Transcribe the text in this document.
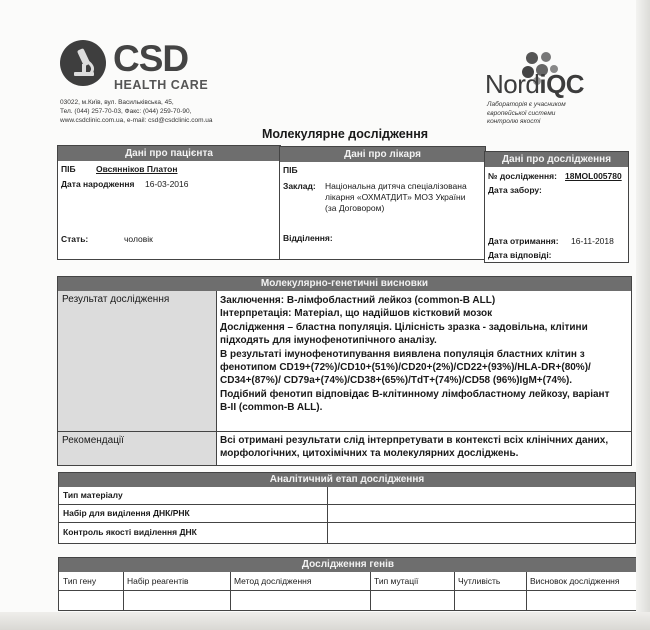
CSD
HEALTH CARE
03022, м.Київ, вул. Васильківська, 45,
Тел. (044) 257-70-03, Факс: (044) 259-70-90,
www.csdclinic.com.ua, e-mail: csd@csdclinic.com.ua
NordiQC
Лабораторія є учасником
європейської системи
контролю якості
Молекулярне дослідження
Дані про пацієнта
ПІБ Овсянніков Платон
Дата народження 16-03-2016
Стать:	чоловік
Дані про лікаря
ПІБ
Заклад: Національна дитяча спеціалізована лікарня «ОХМАТДИТ» МОЗ України (за Договором)
Відділення:
Дані про дослідження
№ дослідження: 18MOL005780
Дата забору:
Дата отримання: 16-11-2018
Дата відповіді:
Молекулярно-генетичні висновки
Результат дослідження	Заключення: В-лімфобластний лейкоз (common-B ALL)
Інтерпретація: Матеріал, що надійшов кістковий мозок
Дослідження – бластна популяція. Цілісність зразка - задовільна, клітини
підходять для імунофенотипічного аналізу.
В результаті імунофенотипування виявлена популяція бластних клітин з
фенотипом CD19+(72%)/CD10+(51%)/CD20+(2%)/CD22+(93%)/HLA-DR+(80%)/
CD34+(87%)/ CD79a+(74%)/CD38+(65%)/TdT+(74%)/CD58 (96%)IgM+(74%).
Подібний фенотип відповідає В-клітинному лімфобластному лейкозу, варіант
B-II (common-B ALL).
Рекомендації	Всі отримані результати слід інтерпретувати в контексті всіх клінічних даних,
морфологічних, цитохімічних та молекулярних досліджень.
Аналітичний етап дослідження
Тип матеріалу
Набір для виділення ДНК/РНК
Контроль якості виділення ДНК
Дослідження генів
Тип гену	Набір реагентів	Метод дослідження	Тип мутації	Чутливість	Висновок дослідження
